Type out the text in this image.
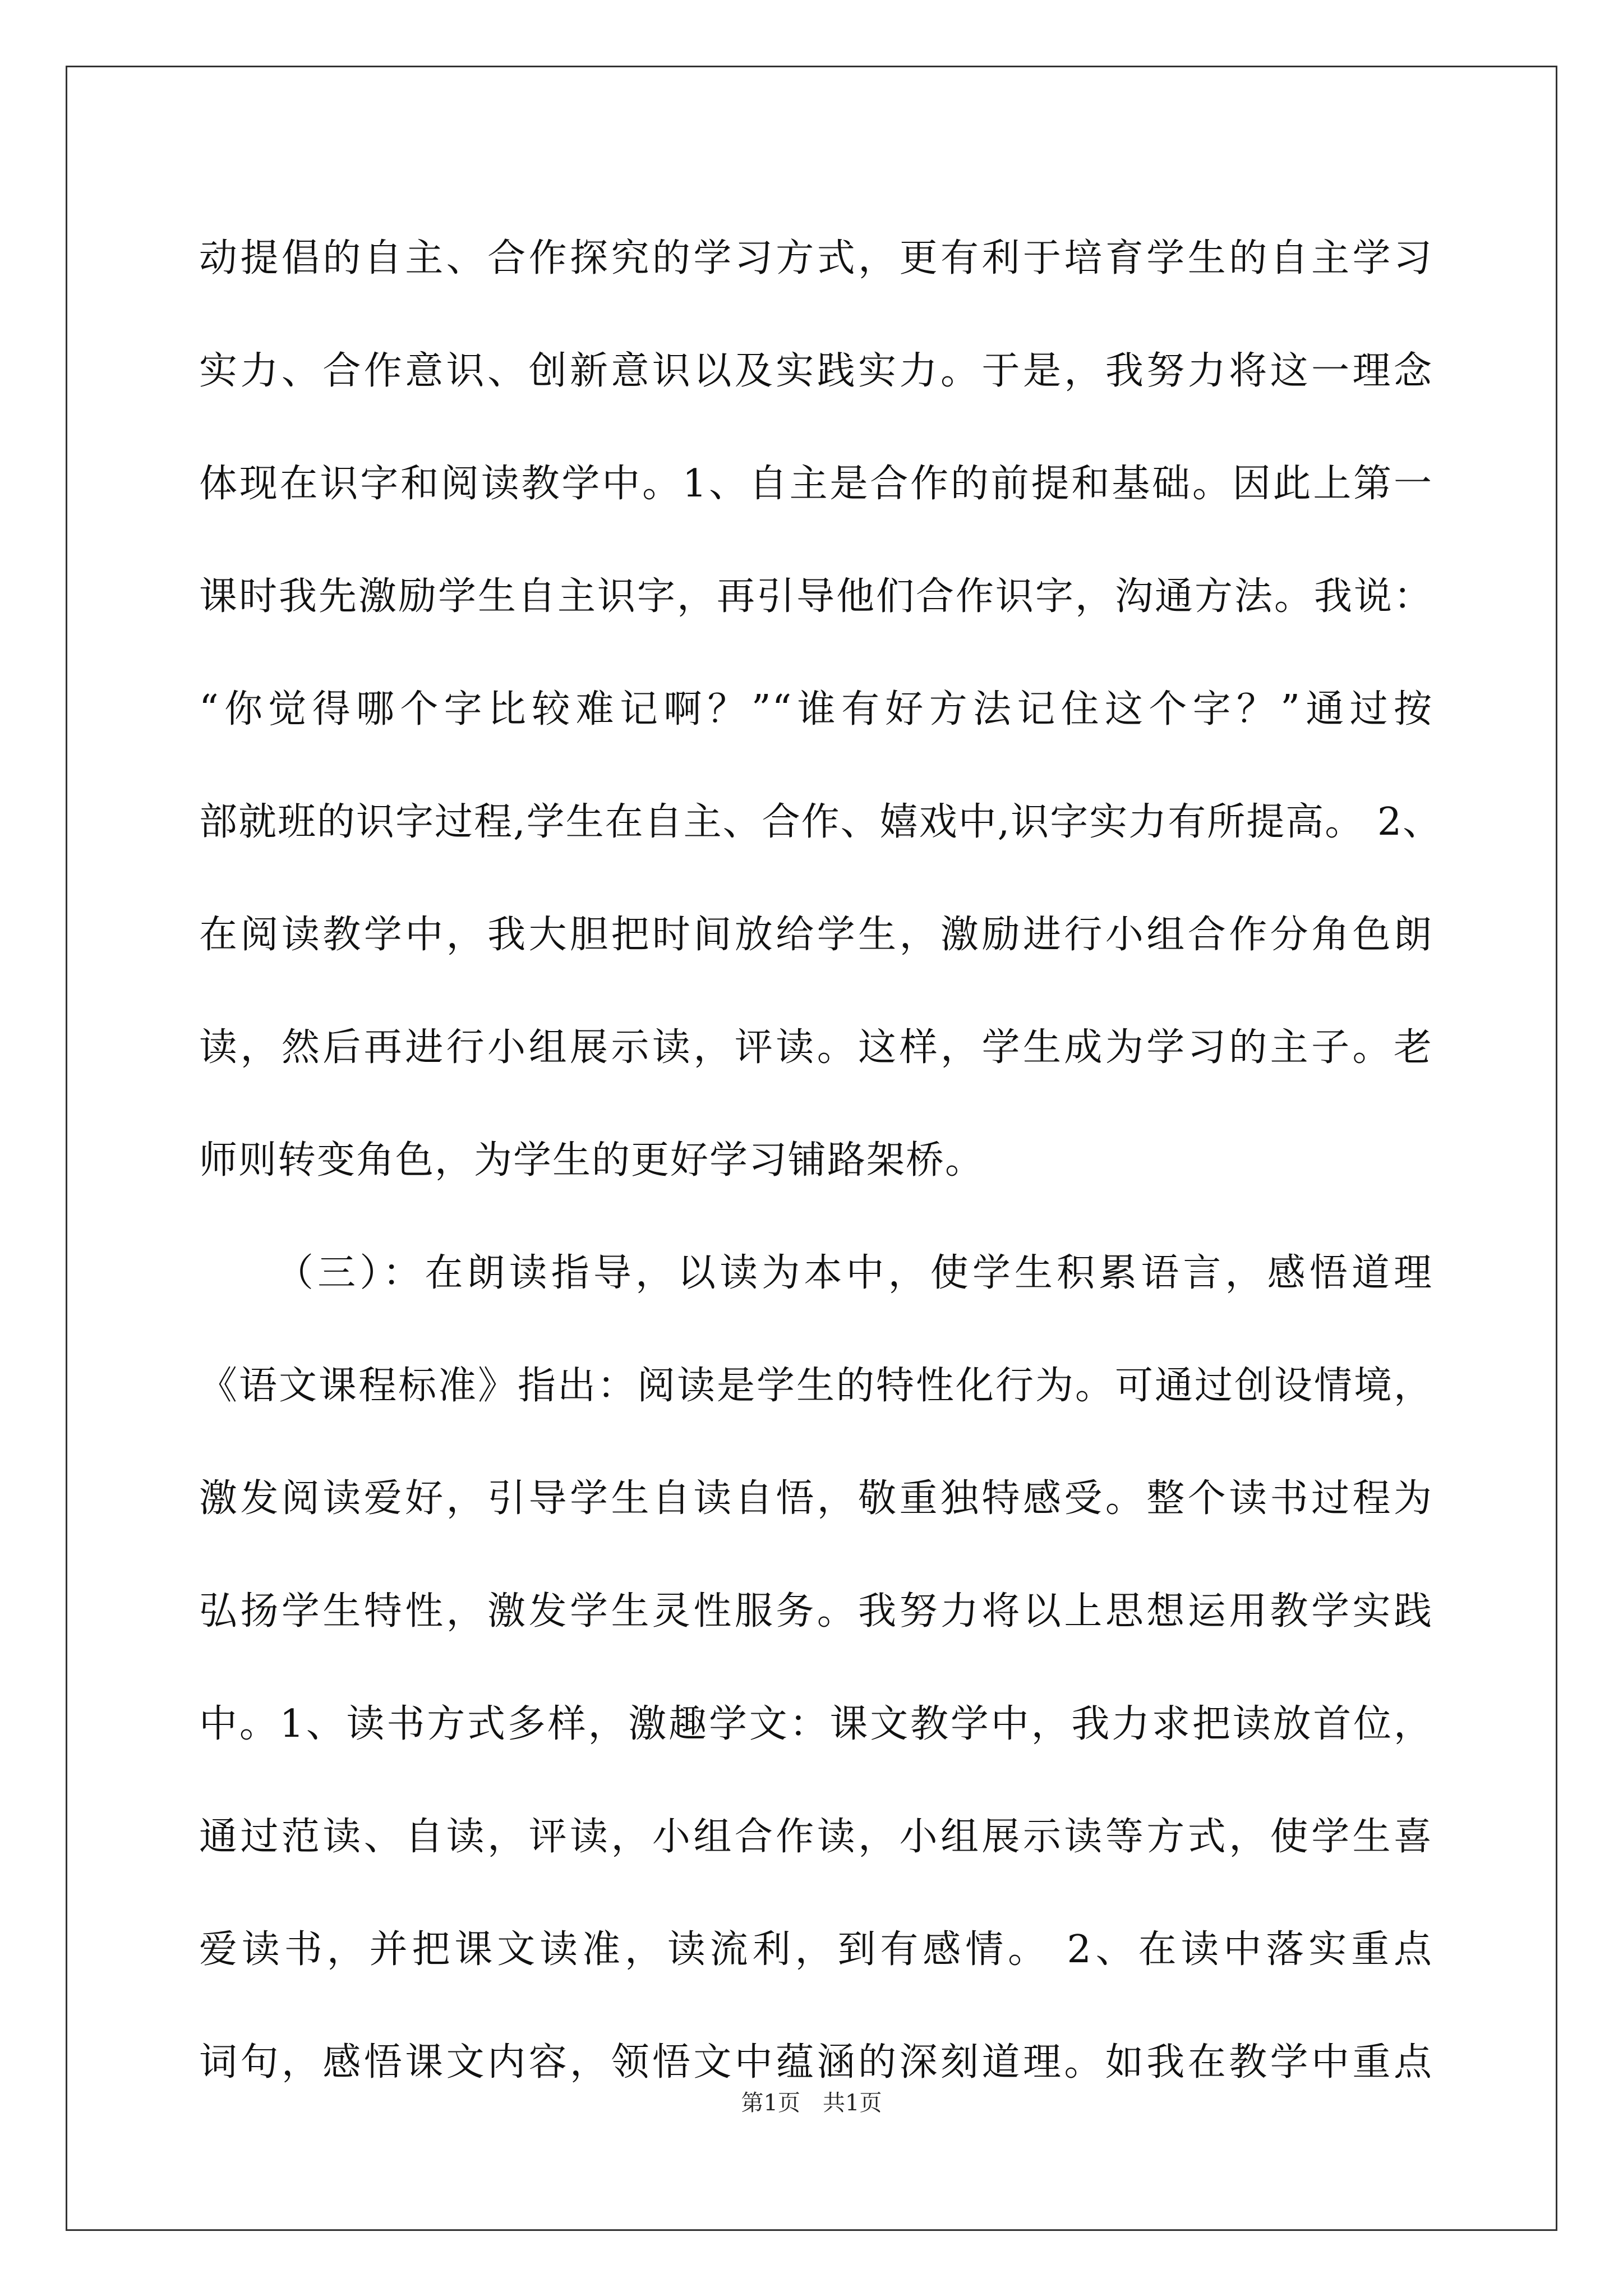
动提倡的自主、合作探究的学习方式，更有利于培育学生的自主学习
实力、合作意识、创新意识以及实践实力。于是，我努力将这一理念
体现在识字和阅读教学中。1、自主是合作的前提和基础。因此上第一
课时我先激励学生自主识字，再引导他们合作识字，沟通方法。我说：
“你觉得哪个字比较难记啊？”“谁有好方法记住这个字？”通过按
部就班的识字过程,学生在自主、合作、嬉戏中,识字实力有所提高。 2、
在阅读教学中，我大胆把时间放给学生，激励进行小组合作分角色朗
读，然后再进行小组展示读，评读。这样，学生成为学习的主子。老
师则转变角色，为学生的更好学习铺路架桥。
（三）：在朗读指导，以读为本中，使学生积累语言，感悟道理
《语文课程标准》指出：阅读是学生的特性化行为。可通过创设情境，
激发阅读爱好，引导学生自读自悟，敬重独特感受。整个读书过程为
弘扬学生特性，激发学生灵性服务。我努力将以上思想运用教学实践
中。1、读书方式多样，激趣学文：课文教学中，我力求把读放首位，
通过范读、自读，评读，小组合作读，小组展示读等方式，使学生喜
爱读书，并把课文读准，读流利，到有感情。 2、在读中落实重点
词句，感悟课文内容，领悟文中蕴涵的深刻道理。如我在教学中重点
第1页 共1页
